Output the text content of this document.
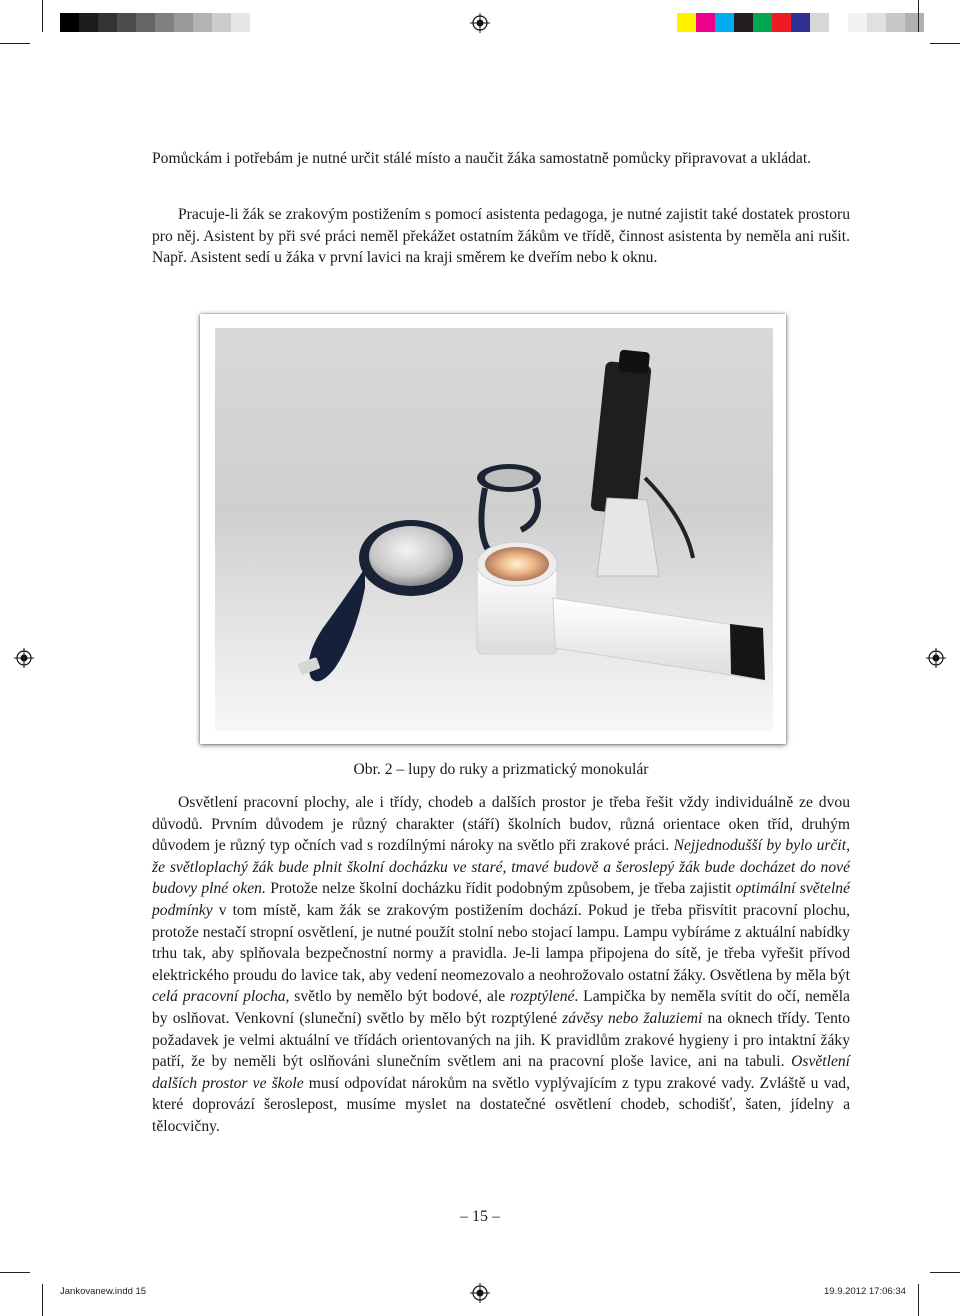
Pomůckám i potřebám je nutné určit stálé místo a naučit žáka samostatně pomůcky připravovat a ukládat.

Pracuje-li žák se zrakovým postižením s pomocí asistenta pedagoga, je nutné zajistit také dostatek prostoru pro něj. Asistent by při své práci neměl překážet ostatním žákům ve třídě, činnost asistenta by neměla ani rušit. Např. Asistent sedí u žáka v první lavici na kraji směrem ke dveřím nebo k oknu.

Obr. 2 – lupy do ruky a prizmatický monokulár

Osvětlení pracovní plochy, ale i třídy, chodeb a dalších prostor je třeba řešit vždy individuálně ze dvou důvodů. Prvním důvodem je různý charakter (stáří) školních budov, různá orientace oken tříd, druhým důvodem je různý typ očních vad s rozdílnými nároky na světlo při zrakové práci. Nejjednodušší by bylo určit, že světloplachý žák bude plnit školní docházku ve staré, tmavé budově a šeroslepý žák bude docházet do nové budovy plné oken. Protože nelze školní docházku řídit podobným způsobem, je třeba zajistit optimální světelné podmínky v tom místě, kam žák se zrakovým postižením dochází. Pokud je třeba přisvítit pracovní plochu, protože nestačí stropní osvětlení, je nutné použít stolní nebo stojací lampu. Lampu vybíráme z aktuální nabídky trhu tak, aby splňovala bezpečnostní normy a pravidla. Je-li lampa připojena do sítě, je třeba vyřešit přívod elektrického proudu do lavice tak, aby vedení neomezovalo a neohrožovalo ostatní žáky. Osvětlena by měla být celá pracovní plocha, světlo by nemělo být bodové, ale rozptýlené. Lampička by neměla svítit do očí, neměla by oslňovat. Venkovní (sluneční) světlo by mělo být rozptýlené závěsy nebo žaluziemi na oknech třídy. Tento požadavek je velmi aktuální ve třídách orientovaných na jih. K pravidlům zrakové hygieny i pro intaktní žáky patří, že by neměli být oslňováni slunečním světlem ani na pracovní ploše lavice, ani na tabuli. Osvětlení dalších prostor ve škole musí odpovídat nárokům na světlo vyplývajícím z typu zrakové vady. Zvláště u vad, které doprovází šeroslepost, musíme myslet na dostatečné osvětlení chodeb, schodišť, šaten, jídelny a tělocvičny.

– 15 –
Jankovanew.indd 15	19.9.2012 17:06:34
